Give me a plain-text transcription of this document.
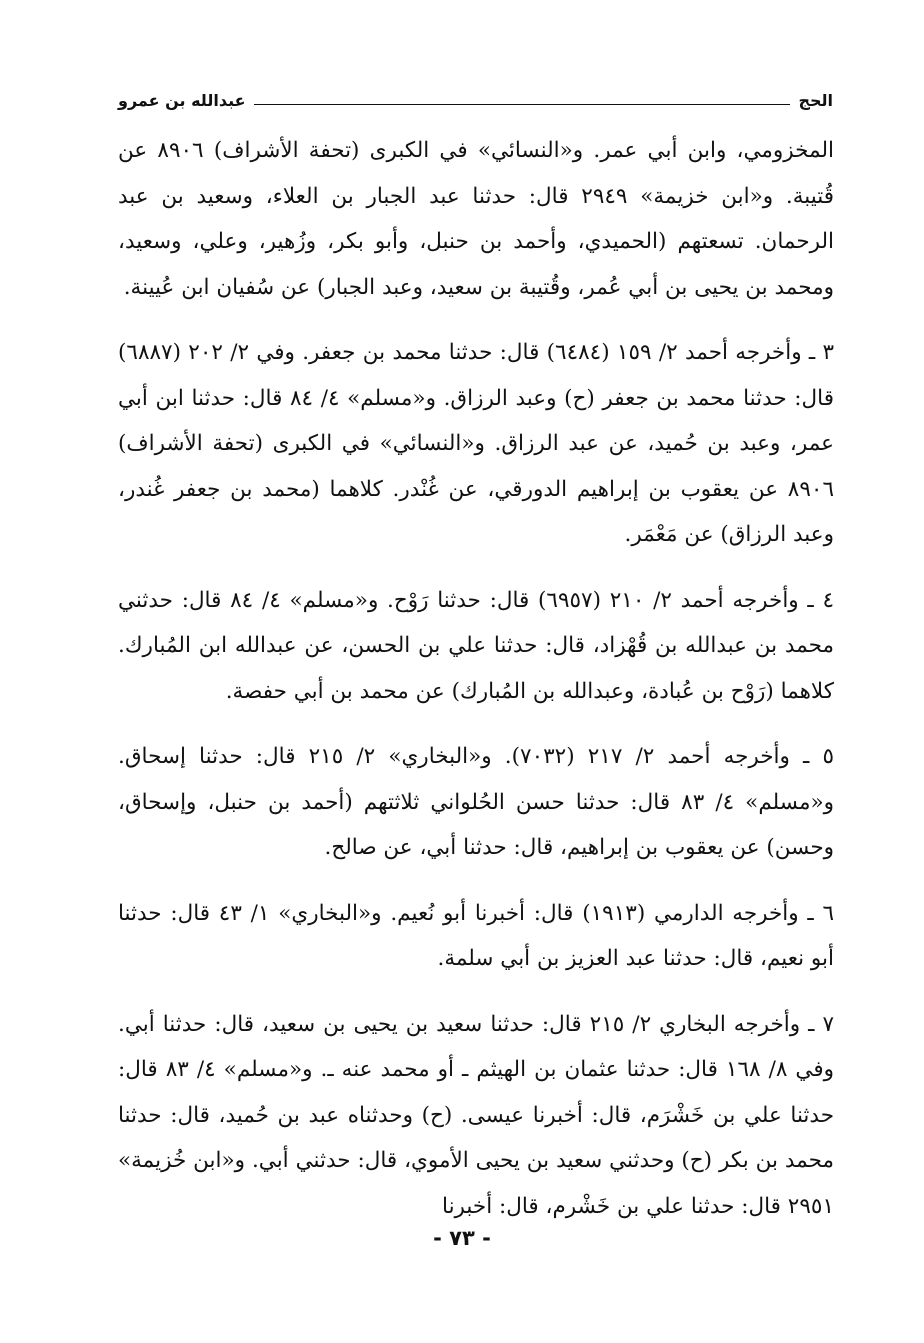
الحج
عبدالله بن عمرو

المخزومي، وابن أبي عمر. و«النسائي» في الكبرى (تحفة الأشراف) ٨٩٠٦ عن قُتيبة. و«ابن خزيمة» ٢٩٤٩ قال: حدثنا عبد الجبار بن العلاء، وسعيد بن عبد الرحمان. تسعتهم (الحميدي، وأحمد بن حنبل، وأبو بكر، وزُهير، وعلي، وسعيد، ومحمد بن يحيى بن أبي عُمر، وقُتيبة بن سعيد، وعبد الجبار) عن سُفيان ابن عُيينة.

٣ ـ وأخرجه أحمد ٢/ ١٥٩ (٦٤٨٤) قال: حدثنا محمد بن جعفر. وفي ٢/ ٢٠٢ (٦٨٨٧) قال: حدثنا محمد بن جعفر (ح) وعبد الرزاق. و«مسلم» ٤/ ٨٤ قال: حدثنا ابن أبي عمر، وعبد بن حُميد، عن عبد الرزاق. و«النسائي» في الكبرى (تحفة الأشراف) ٨٩٠٦ عن يعقوب بن إبراهيم الدورقي، عن غُنْدر. كلاهما (محمد بن جعفر غُندر، وعبد الرزاق) عن مَعْمَر.

٤ ـ وأخرجه أحمد ٢/ ٢١٠ (٦٩٥٧) قال: حدثنا رَوْح. و«مسلم» ٤/ ٨٤ قال: حدثني محمد بن عبدالله بن قُهْزاد، قال: حدثنا علي بن الحسن، عن عبدالله ابن المُبارك. كلاهما (رَوْح بن عُبادة، وعبدالله بن المُبارك) عن محمد بن أبي حفصة.

٥ ـ وأخرجه أحمد ٢/ ٢١٧ (٧٠٣٢). و«البخاري» ٢/ ٢١٥ قال: حدثنا إسحاق. و«مسلم» ٤/ ٨٣ قال: حدثنا حسن الحُلواني ثلاثتهم (أحمد بن حنبل، وإسحاق، وحسن) عن يعقوب بن إبراهيم، قال: حدثنا أبي، عن صالح.

٦ ـ وأخرجه الدارمي (١٩١٣) قال: أخبرنا أبو نُعيم. و«البخاري» ١/ ٤٣ قال: حدثنا أبو نعيم، قال: حدثنا عبد العزيز بن أبي سلمة.

٧ ـ وأخرجه البخاري ٢/ ٢١٥ قال: حدثنا سعيد بن يحيى بن سعيد، قال: حدثنا أبي. وفي ٨/ ١٦٨ قال: حدثنا عثمان بن الهيثم ـ أو محمد عنه ـ. و«مسلم» ٤/ ٨٣ قال: حدثنا علي بن خَشْرَم، قال: أخبرنا عيسى. (ح) وحدثناه عبد بن حُميد، قال: حدثنا محمد بن بكر (ح) وحدثني سعيد بن يحيى الأموي، قال: حدثني أبي. و«ابن خُزيمة» ٢٩٥١ قال: حدثنا علي بن خَشْرم، قال: أخبرنا

- ٧٣ -
